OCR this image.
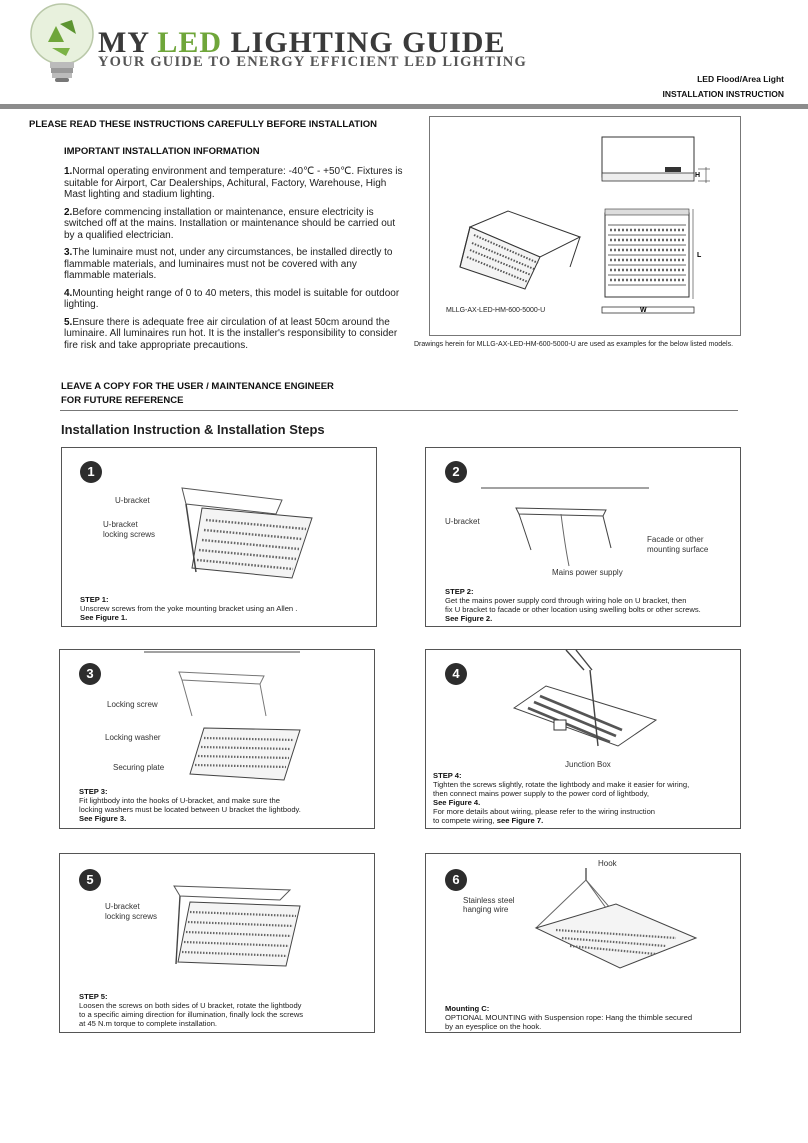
MY LED LIGHTING GUIDE
YOUR GUIDE TO ENERGY EFFICIENT LED LIGHTING
LED Flood/Area Light
INSTALLATION INSTRUCTION
PLEASE READ THESE INSTRUCTIONS CAREFULLY BEFORE INSTALLATION
IMPORTANT INSTALLATION INFORMATION

1.Normal operating environment and temperature: -40℃ - +50℃. Fixtures is suitable for Airport, Car Dealerships, Achitural, Factory, Warehouse, High Mast lighting and stadium lighting.

2.Before commencing installation or maintenance, ensure electricity is switched off at the mains. Installation or maintenance should be carried out by a qualified electrician.

3.The luminaire must not, under any circumstances, be installed directly to flammable materials, and luminaires must not be covered with any flammable materials.

4.Mounting height range of 0 to 40 meters, this model is suitable for outdoor lighting.

5.Ensure there is adequate free air circulation of at least 50cm around the luminaire. All luminaires run hot. It is the installer's responsibility to consider fire risk and take appropriate precautions.

H
L
W
MLLG-AX-LED-HM-600-5000-U
Drawings herein for MLLG-AX-LED-HM-600-5000-U are used as examples for the below listed models.
LEAVE A COPY FOR THE USER / MAINTENANCE ENGINEER
FOR FUTURE REFERENCE
Installation Instruction & Installation Steps
1
U-bracket
U-bracket
locking screws
STEP 1:
Unscrew screws from the yoke mounting bracket using an Allen .
See Figure 1.
2
U-bracket
Facade or other
mounting surface
Mains power supply
STEP 2:
Get the mains power supply cord through wiring hole on U bracket, then
fix U bracket to facade or other location using swelling bolts or other screws.
See Figure 2.
3
Locking screw
Locking washer
Securing plate
STEP 3:
Fit lightbody into the hooks of U-bracket, and make sure the
locking washers must be located between U bracket the lightbody.
See Figure 3.
4
Junction Box
STEP 4:
Tighten the screws slightly, rotate the lightbody and make it easier for wiring,
then connect mains power supply to the power cord of lightbody,
See Figure 4.
For more details about wiring, please refer to the wiring instruction
to compete wiring, see Figure 7.
5
U-bracket
locking screws
STEP 5:
Loosen the screws on both sides of U bracket, rotate the lightbody
to a specific aiming direction for illumination, finally lock the screws
at 45 N.m torque to complete installation.
6
Hook
Stainless steel
hanging wire
Mounting C:
OPTIONAL MOUNTING with Suspension rope: Hang the thimble secured
by an eyesplice on the hook.
